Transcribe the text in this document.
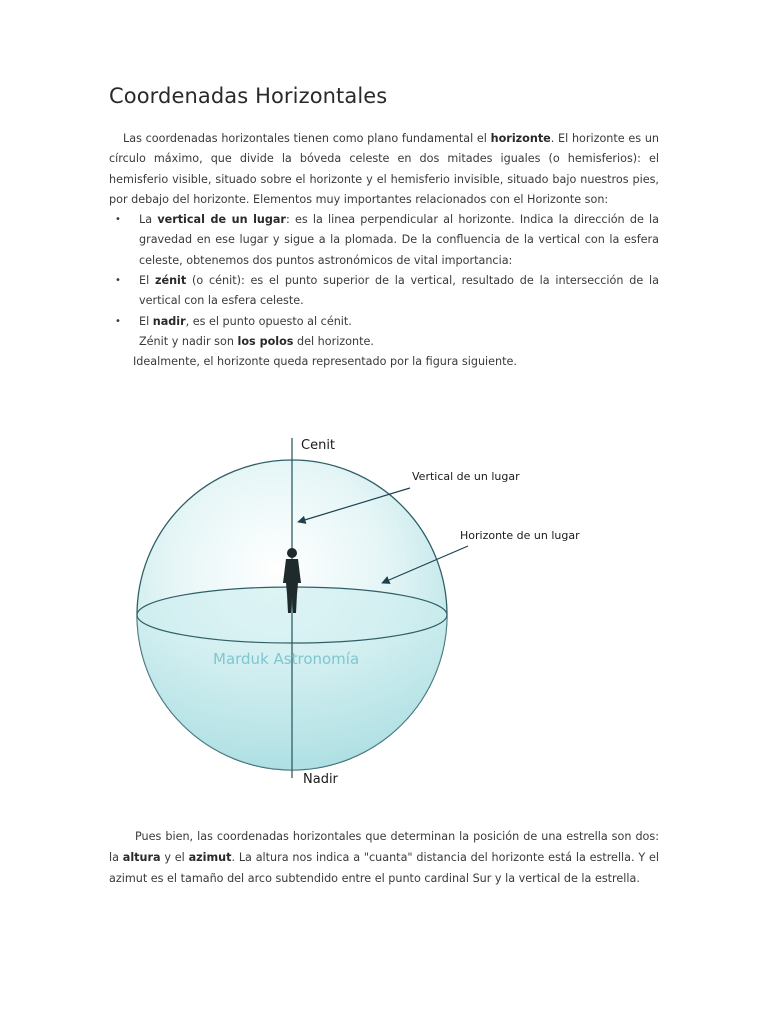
Coordenadas Horizontales

Las coordenadas horizontales tienen como plano fundamental el horizonte. El horizonte es un círculo máximo, que divide la bóveda celeste en dos mitades iguales (o hemisferios): el hemisferio visible, situado sobre el horizonte y el hemisferio invisible, situado bajo nuestros pies, por debajo del horizonte. Elementos muy importantes relacionados con el Horizonte son:

• La vertical de un lugar: es la linea perpendicular al horizonte. Indica la dirección de la gravedad en ese lugar y sigue a la plomada. De la confluencia de la vertical con la esfera celeste, obtenemos dos puntos astronómicos de vital importancia:
• El zénit (o cénit): es el punto superior de la vertical, resultado de la intersección de la vertical con la esfera celeste.
• El nadir, es el punto opuesto al cénit.

Zénit y nadir son los polos del horizonte.

Idealmente, el horizonte queda representado por la figura siguiente.

Cenit
Nadir
Vertical de un lugar
Horizonte de un lugar
Marduk Astronomía

Pues bien, las coordenadas horizontales que determinan la posición de una estrella son dos: la altura y el azimut. La altura nos indica a "cuanta" distancia del horizonte está la estrella. Y el azimut es el tamaño del arco subtendido entre el punto cardinal Sur y la vertical de la estrella.
